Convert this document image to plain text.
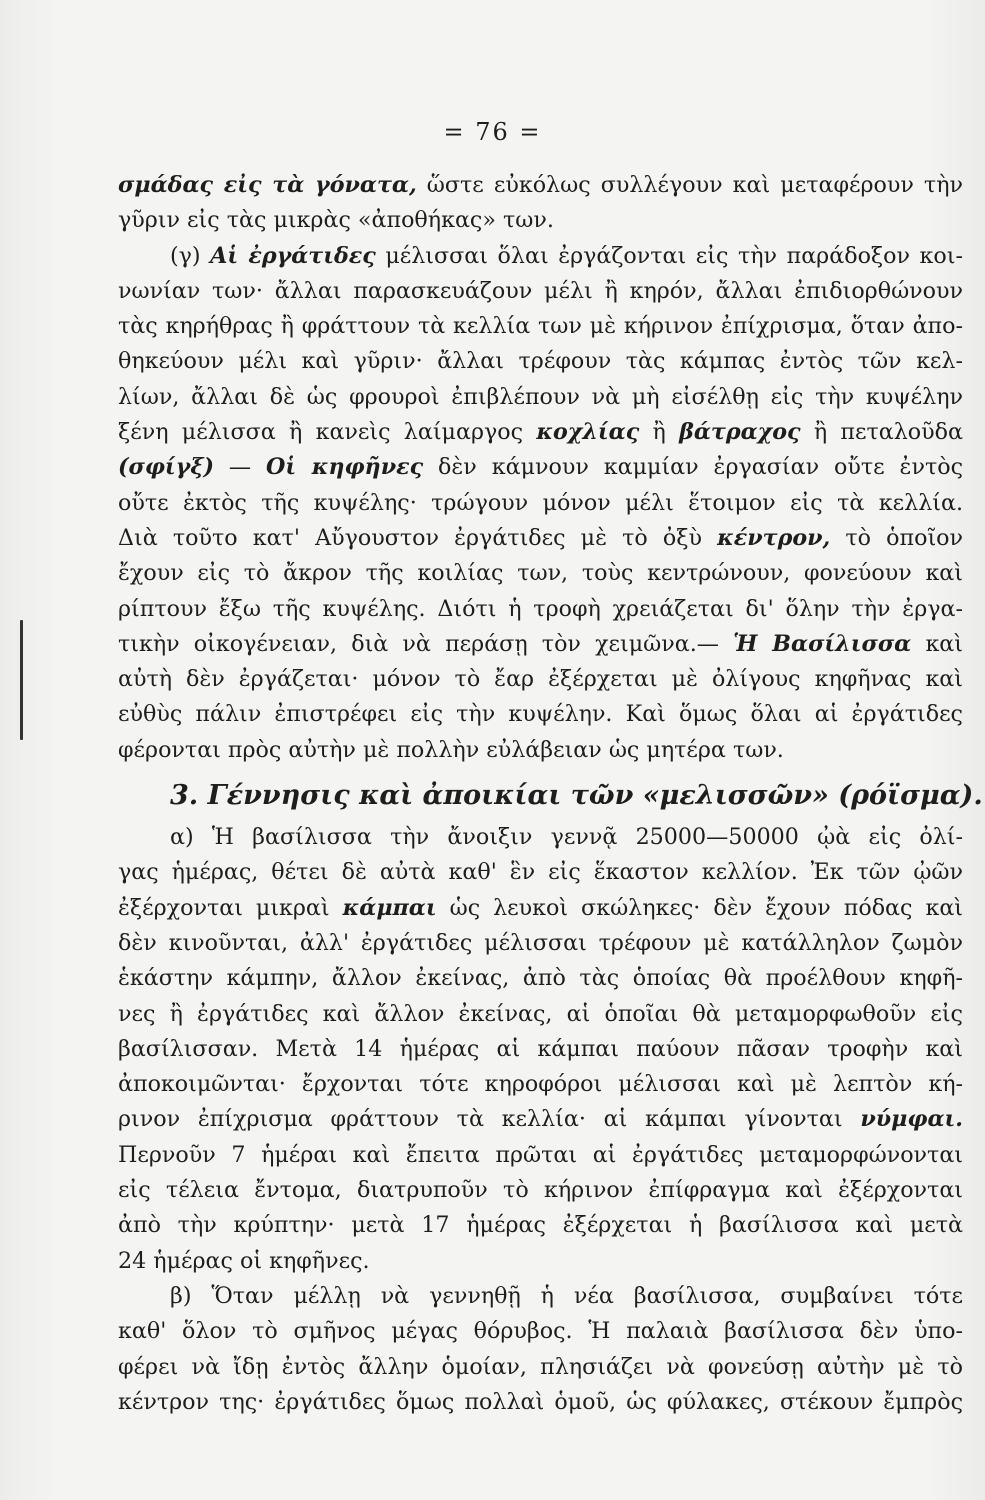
= 76 =
σμάδας εἰς τὰ γόνατα, ὥστε εὐκόλως συλλέγουν καὶ μεταφέρουν τὴν
γῦριν εἰς τὰς μικρὰς «ἀποθήκας» των.
(γ) Αἱ ἐργάτιδες μέλισσαι ὅλαι ἐργάζονται εἰς τὴν παράδοξον κοι-
νωνίαν των· ἄλλαι παρασκευάζουν μέλι ἢ κηρόν, ἄλλαι ἐπιδιορθώνουν
τὰς κηρήθρας ἢ φράττουν τὰ κελλία των μὲ κήρινον ἐπίχρισμα, ὅταν ἀπο-
θηκεύουν μέλι καὶ γῦριν· ἄλλαι τρέφουν τὰς κάμπας ἐντὸς τῶν κελ-
λίων, ἄλλαι δὲ ὡς φρουροὶ ἐπιβλέπουν νὰ μὴ εἰσέλθῃ εἰς τὴν κυψέλην
ξένη μέλισσα ἢ κανεὶς λαίμαργος κοχλίας ἢ βάτραχος ἢ πεταλοῦδα
(σφίγξ) — Οἱ κηφῆνες δὲν κάμνουν καμμίαν ἐργασίαν οὔτε ἐντὸς
οὔτε ἐκτὸς τῆς κυψέλης· τρώγουν μόνον μέλι ἕτοιμον εἰς τὰ κελλία.
Διὰ τοῦτο κατ' Αὔγουστον ἐργάτιδες μὲ τὸ ὀξὺ κέντρον, τὸ ὁποῖον
ἔχουν εἰς τὸ ἄκρον τῆς κοιλίας των, τοὺς κεντρώνουν, φονεύουν καὶ
ρίπτουν ἔξω τῆς κυψέλης. Διότι ἡ τροφὴ χρειάζεται δι' ὅλην τὴν ἐργα-
τικὴν οἰκογένειαν, διὰ νὰ περάσῃ τὸν χειμῶνα.— Ἡ Βασίλισσα καὶ
αὐτὴ δὲν ἐργάζεται· μόνον τὸ ἔαρ ἐξέρχεται μὲ ὀλίγους κηφῆνας καὶ
εὐθὺς πάλιν ἐπιστρέφει εἰς τὴν κυψέλην. Καὶ ὅμως ὅλαι αἱ ἐργάτιδες
φέρονται πρὸς αὐτὴν μὲ πολλὴν εὐλάβειαν ὡς μητέρα των.
3. Γέννησις καὶ ἀποικίαι τῶν «μελισσῶν» (ρόϊσμα).
α) Ἡ βασίλισσα τὴν ἄνοιξιν γεννᾷ 25000—50000 ᾠὰ εἰς ὀλί-
γας ἡμέρας, θέτει δὲ αὐτὰ καθ' ἓν εἰς ἕκαστον κελλίον. Ἐκ τῶν ᾠῶν
ἐξέρχονται μικραὶ κάμπαι ὡς λευκοὶ σκώληκες· δὲν ἔχουν πόδας καὶ
δὲν κινοῦνται, ἀλλ' ἐργάτιδες μέλισσαι τρέφουν μὲ κατάλληλον ζωμὸν
ἑκάστην κάμπην, ἄλλον ἐκείνας, ἀπὸ τὰς ὁποίας θὰ προέλθουν κηφῆ-
νες ἢ ἐργάτιδες καὶ ἄλλον ἐκείνας, αἱ ὁποῖαι θὰ μεταμορφωθοῦν εἰς
βασίλισσαν. Μετὰ 14 ἡμέρας αἱ κάμπαι παύουν πᾶσαν τροφὴν καὶ
ἀποκοιμῶνται· ἔρχονται τότε κηροφόροι μέλισσαι καὶ μὲ λεπτὸν κή-
ρινον ἐπίχρισμα φράττουν τὰ κελλία· αἱ κάμπαι γίνονται νύμφαι.
Περνοῦν 7 ἡμέραι καὶ ἔπειτα πρῶται αἱ ἐργάτιδες μεταμορφώνονται
εἰς τέλεια ἔντομα, διατρυποῦν τὸ κήρινον ἐπίφραγμα καὶ ἐξέρχονται
ἀπὸ τὴν κρύπτην· μετὰ 17 ἡμέρας ἐξέρχεται ἡ βασίλισσα καὶ μετὰ
24 ἡμέρας οἱ κηφῆνες.
β) Ὅταν μέλλῃ νὰ γεννηθῇ ἡ νέα βασίλισσα, συμβαίνει τότε
καθ' ὅλον τὸ σμῆνος μέγας θόρυβος. Ἡ παλαιὰ βασίλισσα δὲν ὑπο-
φέρει νὰ ἴδῃ ἐντὸς ἄλλην ὁμοίαν, πλησιάζει νὰ φονεύσῃ αὐτὴν μὲ τὸ
κέντρον της· ἐργάτιδες ὅμως πολλαὶ ὁμοῦ, ὡς φύλακες, στέκουν ἔμπρὸς
